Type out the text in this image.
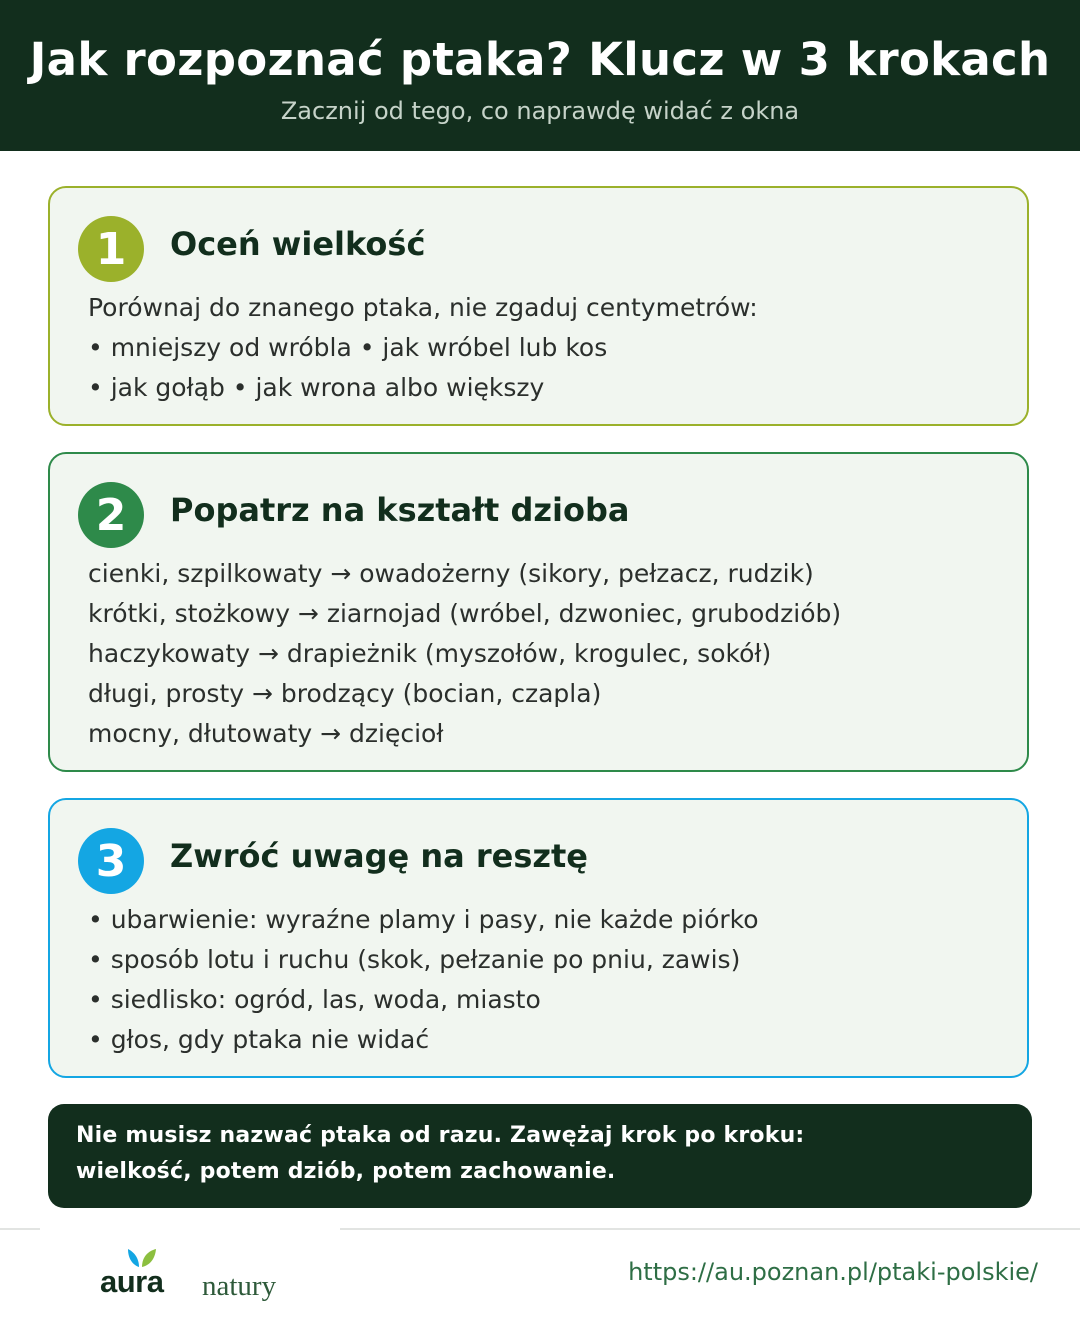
Jak rozpoznać ptaka? Klucz w 3 krokach
Zacznij od tego, co naprawdę widać z okna
1	Oceń wielkość
Porównaj do znanego ptaka, nie zgaduj centymetrów:
• mniejszy od wróbla • jak wróbel lub kos
• jak gołąb • jak wrona albo większy
2	Popatrz na kształt dzioba
cienki, szpilkowaty → owadożerny (sikory, pełzacz, rudzik)
krótki, stożkowy → ziarnojad (wróbel, dzwoniec, grubodziób)
haczykowaty → drapieżnik (myszołów, krogulec, sokół)
długi, prosty → brodzący (bocian, czapla)
mocny, dłutowaty → dzięcioł
3	Zwróć uwagę na resztę
• ubarwienie: wyraźne plamy i pasy, nie każde piórko
• sposób lotu i ruchu (skok, pełzanie po pniu, zawis)
• siedlisko: ogród, las, woda, miasto
• głos, gdy ptaka nie widać

Nie musisz nazwać ptaka od razu. Zawężaj krok po kroku:

wielkość, potem dziób, potem zachowanie.

aura natury	https://au.poznan.pl/ptaki-polskie/
